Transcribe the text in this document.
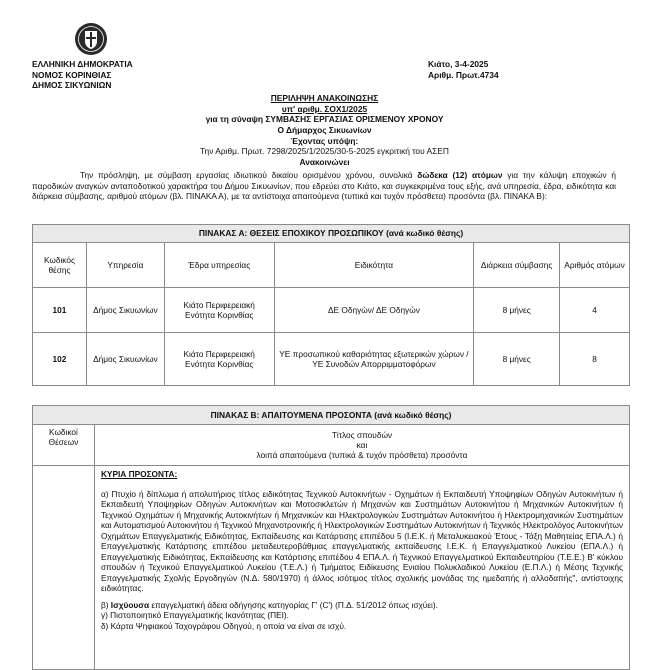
ΕΛΛΗΝΙΚΗ ΔΗΜΟΚΡΑΤΙΑ
ΝΟΜΟΣ ΚΟΡΙΝΘΙΑΣ
ΔΗΜΟΣ ΣΙΚΥΩΝΙΩΝ
Κιάτο, 3-4-2025
Αριθμ. Πρωτ.4734
ΠΕΡΙΛΗΨΗ ΑΝΑΚΟΙΝΩΣΗΣ
υπ' αριθμ. ΣΟΧ1/2025
για τη σύναψη ΣΥΜΒΑΣΗΣ ΕΡΓΑΣΙΑΣ ΟΡΙΣΜΕΝΟΥ ΧΡΟΝΟΥ
Ο Δήμαρχος Σικυωνίων
Έχοντας υπόψη:
Την Αριθμ. Πρωτ. 7298/2025/1/2025/30-5-2025 εγκριτική του ΑΣΕΠ
Ανακοινώνει
Την πρόσληψη, με σύμβαση εργασίας ιδιωτικού δικαίου ορισμένου χρόνου, συνολικά δώδεκα (12) ατόμων για την κάλυψη εποχικών ή παροδικών αναγκών ανταποδοτικού χαρακτήρα του Δήμου Σικυωνίων, που εδρεύει στο Κιάτο, και συγκεκριμένα τους εξής, ανά υπηρεσία, έδρα, ειδικότητα και διάρκεια σύμβασης, αριθμού ατόμων (βλ. ΠΙΝΑΚΑ Α), με τα αντίστοιχα απαιτούμενα (τυπικά και τυχόν πρόσθετα) προσόντα (βλ. ΠΙΝΑΚΑ Β):
ΠΙΝΑΚΑΣ Α: ΘΕΣΕΙΣ ΕΠΟΧΙΚΟΥ ΠΡΟΣΩΠΙΚΟΥ (ανά κωδικό θέσης)					
Κωδικός θέσης	Υπηρεσία	Έδρα υπηρεσίας	Ειδικότητα	Διάρκεια σύμβασης	Αριθμός ατόμων
101	Δήμος Σικυωνίων	Κιάτο Περιφερειακή Ενότητα Κορινθίας	ΔΕ Οδηγών/ ΔΕ Οδηγών	8 μήνες	4
102	Δήμος Σικυωνίων	Κιάτο Περιφερειακή Ενότητα Κορινθίας	ΥΕ προσωπικού καθαριότητας εξωτερικών χώρων / ΥΕ Συνοδών Απορριμματοφόρων	8 μήνες	8
ΠΙΝΑΚΑΣ Β: ΑΠΑΙΤΟΥΜΕΝΑ ΠΡΟΣΟΝΤΑ (ανά κωδικό θέσης)	
Κωδικοί Θέσεων	Τίτλος σπουδών
και
λοιπά απαιτούμενα (τυπικά & τυχόν πρόσθετα) προσόντα

	ΚΥΡΙΑ ΠΡΟΣΟΝΤΑ:

α) Πτυχίο ή δίπλωμα ή απολυτήριος τίτλος ειδικότητας Τεχνικού Αυτοκινήτων - Οχημάτων ή Εκπαιδευτή Υποψηφίων Οδηγών Αυτοκινήτων ή Εκπαιδευτή Υποψηφίων Οδηγών Αυτοκινήτων και Μοτοσικλετών ή Μηχανών και Συστημάτων Αυτοκινήτου ή Μηχανικών Αυτοκινήτων ή Τεχνικού Οχημάτων ή Μηχανικής Αυτοκινήτων ή Μηχανικών και Ηλεκτρολογικών Συστημάτων Αυτοκινήτου ή Ηλεκτρομηχανικών Συστημάτων και Αυτοματισμού Αυτοκινήτου ή Τεχνικού Μηχανοτρονικής ή Ηλεκτρολογικών Συστημάτων Αυτοκινήτων ή Τεχνικός Ηλεκτρολόγος Αυτοκινήτων Οχημάτων Επαγγελματικής Ειδικότητας, Εκπαίδευσης και Κατάρτισης επιπέδου 5 (Ι.Ε.Κ. ή Μεταλυκειακού Έτους - Τάξη Μαθητείας ΕΠΑ.Λ.) ή Επαγγελματικής Κατάρτισης επιπέδου μεταδευτεροβάθμιας επαγγελματικής εκπαίδευσης Ι.Ε.Κ. ή Επαγγελματικού Λυκείου (ΕΠΑ.Λ.) ή Επαγγελματικής Ειδικότητας, Εκπαίδευσης και Κατάρτισης επιπέδου 4 ΕΠΑ.Λ. ή Τεχνικού Επαγγελματικού Εκπαιδευτηρίου (Τ.Ε.Ε.) Β' κύκλου σπουδών ή Τεχνικού Επαγγελματικού Λυκείου (Τ.Ε.Λ.) ή Τμήματος Ειδίκευσης Ενιαίου Πολυκλαδικού Λυκείου (Ε.Π.Λ.) ή Μέσης Τεχνικής Επαγγελματικής Σχολής Εργοδηγών (Ν.Δ. 580/1970) ή άλλος ισότιμος τίτλος σχολικής μονάδας της ημεδαπής ή αλλοδαπής", αντίστοιχης ειδικότητας.

β) Ισχύουσα επαγγελματική άδεια οδήγησης κατηγορίας Γ' (C') (Π.Δ. 51/2012 όπως ισχύει).

γ) Πιστοποιητικό Επαγγελματικής Ικανότητας (ΠΕΙ).

δ) Κάρτα Ψηφιακού Ταχογράφου Οδηγού, η οποία να είναι σε ισχύ.
